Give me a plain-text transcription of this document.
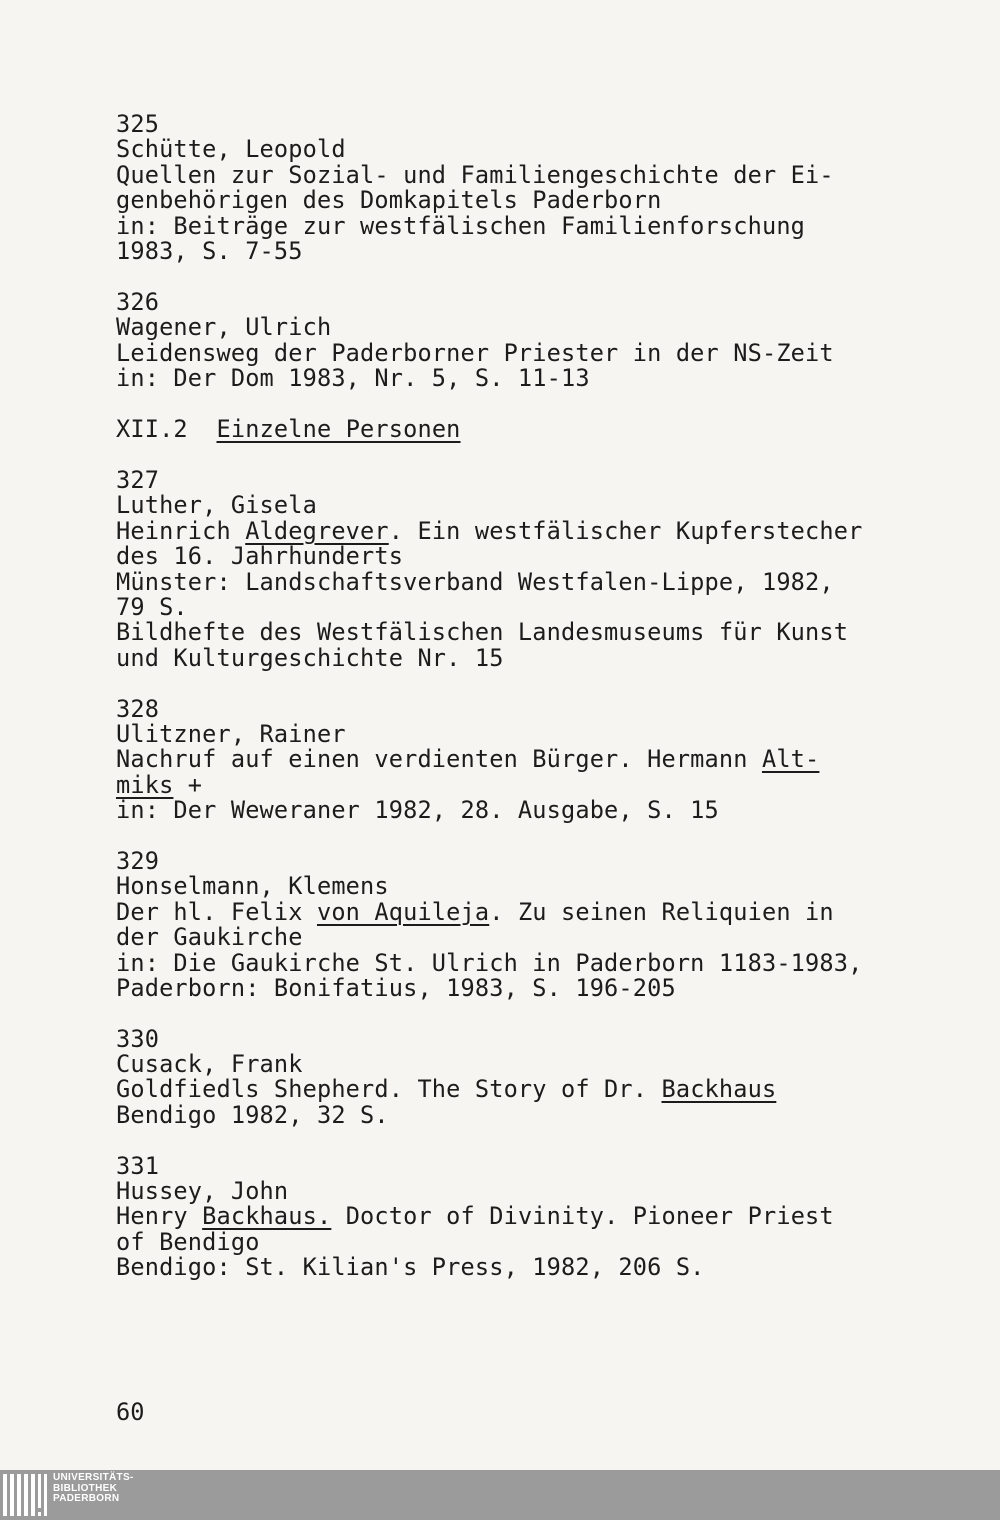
325
Schütte, Leopold
Quellen zur Sozial- und Familiengeschichte der Ei-
genbehörigen des Domkapitels Paderborn
in: Beiträge zur westfälischen Familienforschung
1983, S. 7-55
326
Wagener, Ulrich
Leidensweg der Paderborner Priester in der NS-Zeit
in: Der Dom 1983, Nr. 5, S. 11-13
XII.2 Einzelne Personen
327
Luther, Gisela
Heinrich Aldegrever. Ein westfälischer Kupferstecher
des 16. Jahrhunderts
Münster: Landschaftsverband Westfalen-Lippe, 1982,
79 S.
Bildhefte des Westfälischen Landesmuseums für Kunst
und Kulturgeschichte Nr. 15
328
Ulitzner, Rainer
Nachruf auf einen verdienten Bürger. Hermann Alt-
miks +
in: Der Weweraner 1982, 28. Ausgabe, S. 15
329
Honselmann, Klemens
Der hl. Felix von Aquileja. Zu seinen Reliquien in
der Gaukirche
in: Die Gaukirche St. Ulrich in Paderborn 1183-1983,
Paderborn: Bonifatius, 1983, S. 196-205
330
Cusack, Frank
Goldfiedls Shepherd. The Story of Dr. Backhaus
Bendigo 1982, 32 S.
331
Hussey, John
Henry Backhaus. Doctor of Divinity. Pioneer Priest
of Bendigo
Bendigo: St. Kilian's Press, 1982, 206 S.
60
UNIVERSITÄTS-
BIBLIOTHEK
PADERBORN
